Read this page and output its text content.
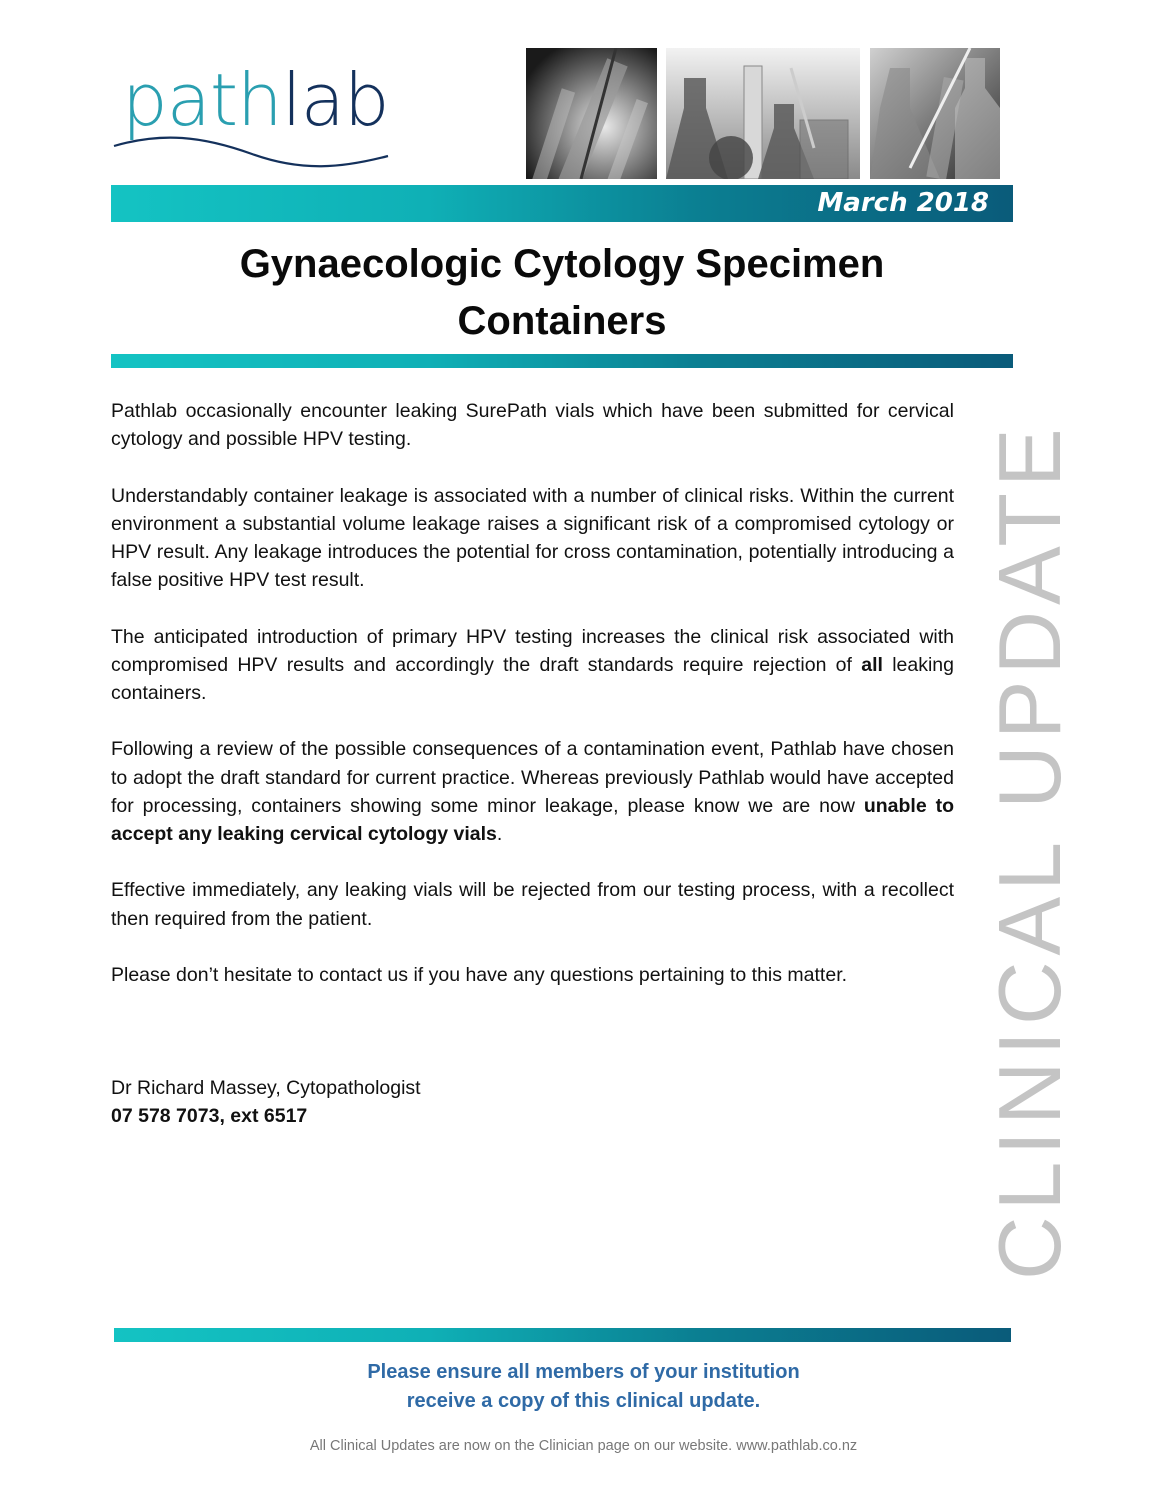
pathlab
March 2018
Gynaecologic Cytology Specimen
Containers

Pathlab occasionally encounter leaking SurePath vials which have been submitted for cervical cytology and possible HPV testing.

Understandably container leakage is associated with a number of clinical risks. Within the current environment a substantial volume leakage raises a significant risk of a compromised cytology or HPV result. Any leakage introduces the potential for cross contamination, potentially introducing a false positive HPV test result.

The anticipated introduction of primary HPV testing increases the clinical risk associated with compromised HPV results and accordingly the draft standards require rejection of all leaking containers.

Following a review of the possible consequences of a contamination event, Pathlab have chosen to adopt the draft standard for current practice. Whereas previously Pathlab would have accepted for processing, containers showing some minor leakage, please know we are now unable to accept any leaking cervical cytology vials.

Effective immediately, any leaking vials will be rejected from our testing process, with a recollect then required from the patient.

Please don’t hesitate to contact us if you have any questions pertaining to this matter.

Dr Richard Massey, Cytopathologist
07 578 7073, ext 6517	CLINICAL UPDATE
Please ensure all members of your institution
receive a copy of this clinical update.
All Clinical Updates are now on the Clinician page on our website. www.pathlab.co.nz
